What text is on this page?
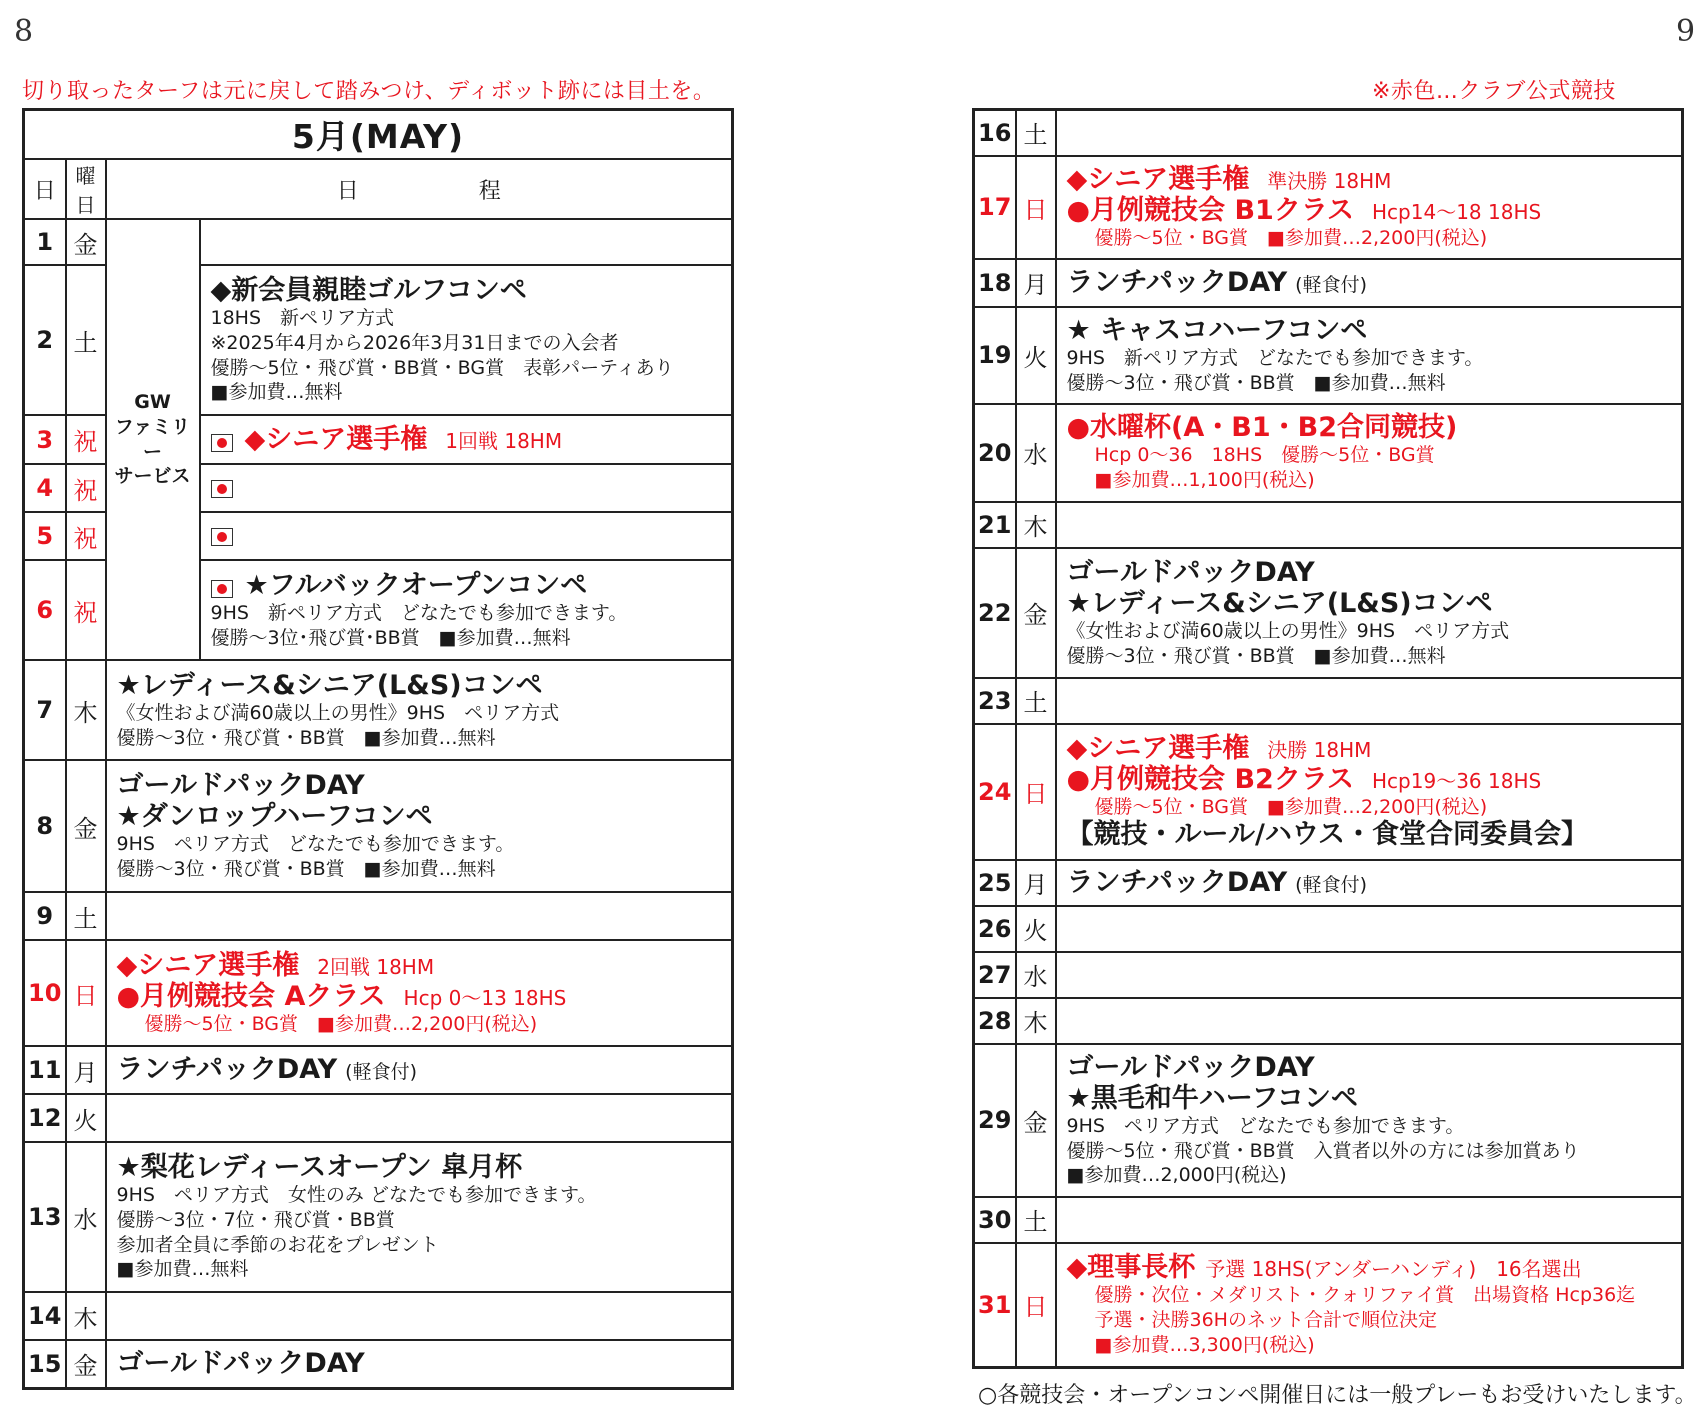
8	9
切り取ったターフは元に戻して踏みつけ、ディボット跡には目土を。	※赤色…クラブ公式競技
5月(MAY)			
日	曜日	日 程	
1	金	GW
ファミリー
サービス	

2	土		◆新会員親睦ゴルフコンペ
18HS　新ペリア方式
※2025年4月から2026年3月31日までの入会者
優勝～5位・飛び賞・BB賞・BG賞　表彰パーティあり
■参加費…無料

3	祝		◆シニア選手権 1回戦 18HM
4	祝		
5	祝		
6	祝		★フルバックオープンコンペ
9HS　新ペリア方式　どなたでも参加できます。
優勝～3位･飛び賞･BB賞　■参加費…無料

7	木	★レディース&シニア(L&S)コンペ
《女性および満60歳以上の男性》9HS　ペリア方式
優勝～3位・飛び賞・BB賞　■参加費…無料	

8	金	ゴールドパックDAY
★ダンロップハーフコンペ
9HS　ペリア方式　どなたでも参加できます。
優勝～3位・飛び賞・BB賞　■参加費…無料	

9	土		
10	日	◆シニア選手権 2回戦 18HM
●月例競技会 Aクラス Hcp 0～13 18HS
優勝～5位・BG賞　■参加費…2,200円(税込)	

11	月	ランチパックDAY (軽食付)	
12	火		
13	水	★梨花レディースオープン 皐月杯
9HS　ペリア方式　女性のみ どなたでも参加できます。
優勝～3位・7位・飛び賞・BB賞
参加者全員に季節のお花をプレゼント
■参加費…無料	

14	木		
15	金	ゴールドパックDAY	
16	土	
17	日	◆シニア選手権 準決勝 18HM
●月例競技会 B1クラス Hcp14～18 18HS
優勝～5位・BG賞　■参加費…2,200円(税込)

18	月	ランチパックDAY (軽食付)
19	火	★ キャスコハーフコンペ
9HS　新ペリア方式　どなたでも参加できます。
優勝～3位・飛び賞・BB賞　■参加費…無料

20	水	●水曜杯(A・B1・B2合同競技)
Hcp 0～36　18HS　優勝～5位・BG賞
■参加費…1,100円(税込)

21	木	
22	金	ゴールドパックDAY
★レディース&シニア(L&S)コンペ
《女性および満60歳以上の男性》9HS　ペリア方式
優勝～3位・飛び賞・BB賞　■参加費…無料

23	土	
24	日	◆シニア選手権 決勝 18HM
●月例競技会 B2クラス Hcp19～36 18HS
優勝～5位・BG賞　■参加費…2,200円(税込)
【競技・ルール/ハウス・食堂合同委員会】

25	月	ランチパックDAY (軽食付)
26	火	
27	水	
28	木	
29	金	ゴールドパックDAY
★黒毛和牛ハーフコンペ
9HS　ペリア方式　どなたでも参加できます。
優勝～5位・飛び賞・BB賞　入賞者以外の方には参加賞あり
■参加費…2,000円(税込)

30	土	
31	日	◆理事長杯 予選 18HS(アンダーハンディ)　16名選出
優勝・次位・メダリスト・クォリファイ賞　出場資格 Hcp36迄
予選・決勝36Hのネット合計で順位決定
■参加費…3,300円(税込)
○各競技会・オープンコンペ開催日には一般プレーもお受けいたします。
